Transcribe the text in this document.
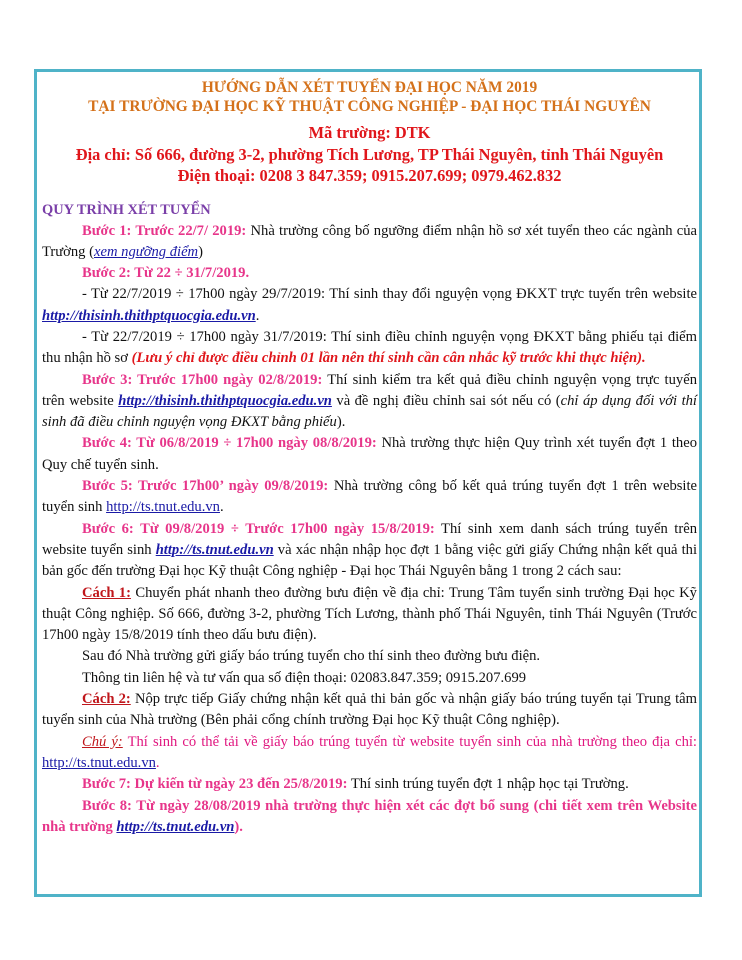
HƯỚNG DẪN XÉT TUYỂN ĐẠI HỌC NĂM 2019
TẠI TRƯỜNG ĐẠI HỌC KỸ THUẬT CÔNG NGHIỆP - ĐẠI HỌC THÁI NGUYÊN
Mã trường: DTK
Địa chỉ: Số 666, đường 3-2, phường Tích Lương, TP Thái Nguyên, tỉnh Thái Nguyên
Điện thoại: 0208 3 847.359; 0915.207.699; 0979.462.832
QUY TRÌNH XÉT TUYỂN

Bước 1: Trước 22/7/ 2019: Nhà trường công bố ngưỡng điểm nhận hồ sơ xét tuyển theo các ngành của Trường (xem ngưỡng điểm)

Bước 2: Từ 22 ÷ 31/7/2019.

- Từ 22/7/2019 ÷ 17h00 ngày 29/7/2019: Thí sinh thay đổi nguyện vọng ĐKXT trực tuyến trên website http://thisinh.thithptquocgia.edu.vn.

- Từ 22/7/2019 ÷ 17h00 ngày 31/7/2019: Thí sinh điều chỉnh nguyện vọng ĐKXT bằng phiếu tại điểm thu nhận hồ sơ (Lưu ý chỉ được điều chỉnh 01 lần nên thí sinh cần cân nhắc kỹ trước khi thực hiện).

Bước 3: Trước 17h00 ngày 02/8/2019: Thí sinh kiểm tra kết quả điều chỉnh nguyện vọng trực tuyến trên website http://thisinh.thithptquocgia.edu.vn và đề nghị điều chỉnh sai sót nếu có (chỉ áp dụng đối với thí sinh đã điều chỉnh nguyện vọng ĐKXT bằng phiếu).

Bước 4: Từ 06/8/2019 ÷ 17h00 ngày 08/8/2019: Nhà trường thực hiện Quy trình xét tuyển đợt 1 theo Quy chế tuyển sinh.

Bước 5: Trước 17h00’ ngày 09/8/2019: Nhà trường công bố kết quả trúng tuyển đợt 1 trên website tuyển sinh http://ts.tnut.edu.vn.

Bước 6: Từ 09/8/2019 ÷ Trước 17h00 ngày 15/8/2019: Thí sinh xem danh sách trúng tuyển trên website tuyển sinh http://ts.tnut.edu.vn và xác nhận nhập học đợt 1 bằng việc gửi giấy Chứng nhận kết quả thi bản gốc đến trường Đại học Kỹ thuật Công nghiệp - Đại học Thái Nguyên bằng 1 trong 2 cách sau:

Cách 1: Chuyển phát nhanh theo đường bưu điện về địa chỉ: Trung Tâm tuyển sinh trường Đại học Kỹ thuật Công nghiệp. Số 666, đường 3-2, phường Tích Lương, thành phố Thái Nguyên, tỉnh Thái Nguyên (Trước 17h00 ngày 15/8/2019 tính theo dấu bưu điện).

Sau đó Nhà trường gửi giấy báo trúng tuyển cho thí sinh theo đường bưu điện.

Thông tin liên hệ và tư vấn qua số điện thoại: 02083.847.359; 0915.207.699

Cách 2: Nộp trực tiếp Giấy chứng nhận kết quả thi bản gốc và nhận giấy báo trúng tuyển tại Trung tâm tuyển sinh của Nhà trường (Bên phải cổng chính trường Đại học Kỹ thuật Công nghiệp).

Chú ý: Thí sinh có thể tải về giấy báo trúng tuyển từ website tuyển sinh của nhà trường theo địa chỉ: http://ts.tnut.edu.vn.

Bước 7: Dự kiến từ ngày 23 đến 25/8/2019: Thí sinh trúng tuyển đợt 1 nhập học tại Trường.

Bước 8: Từ ngày 28/08/2019 nhà trường thực hiện xét các đợt bổ sung (chi tiết xem trên Website nhà trường http://ts.tnut.edu.vn).
